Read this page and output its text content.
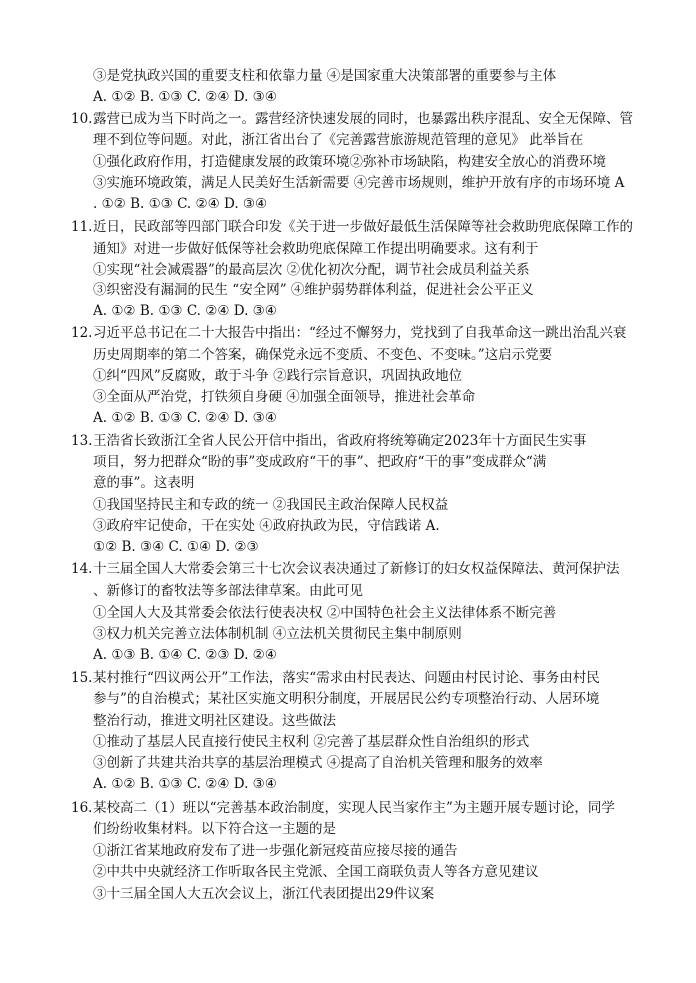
③是党执政兴国的重要支柱和依靠力量 ④是国家重大决策部署的重要参与主体
A. ①② B. ①③ C. ②④ D. ③④
10. 露营已成为当下时尚之一。露营经济快速发展的同时，也暴露出秩序混乱、安全无保障、管
理不到位等问题。对此，浙江省出台了《完善露营旅游规范管理的意见》 此举旨在
①强化政府作用，打造健康发展的政策环境②弥补市场缺陷，构建安全放心的消费环境
③实施环境政策，满足人民美好生活新需要 ④完善市场规则，维护开放有序的市场环境 A
. ①② B. ①③ C. ②④ D. ③④
11. 近日，民政部等四部门联合印发《关于进一步做好最低生活保障等社会救助兜底保障工作的
通知》对进一步做好低保等社会救助兜底保障工作提出明确要求。这有利于
①实现“社会减震器”的最高层次 ②优化初次分配，调节社会成员利益关系
③织密没有漏洞的民生 “安全网” ④维护弱势群体利益，促进社会公平正义
A. ①② B. ①③ C. ②④ D. ③④
12. 习近平总书记在二十大报告中指出：“经过不懈努力，党找到了自我革命这一跳出治乱兴衰
历史周期率的第二个答案，确保党永远不变质、不变色、不变味。”这启示党要
①纠“四风”反腐败，敢于斗争 ②践行宗旨意识，巩固执政地位
③全面从严治党，打铁须自身硬 ④加强全面领导，推进社会革命
A. ①② B. ①③ C. ②④ D. ③④
13. 王浩省长致浙江全省人民公开信中指出，省政府将统筹确定2023年十方面民生实事
项目，努力把群众“盼的事”变成政府“干的事”、把政府“干的事”变成群众“满
意的事”。这表明
①我国坚持民主和专政的统一 ②我国民主政治保障人民权益
③政府牢记使命，干在实处 ④政府执政为民，守信践诺 A.
①② B. ③④ C. ①④ D. ②③
14. 十三届全国人大常委会第三十七次会议表决通过了新修订的妇女权益保障法、黄河保护法
、新修订的畜牧法等多部法律草案。由此可见
①全国人大及其常委会依法行使表决权 ②中国特色社会主义法律体系不断完善
③权力机关完善立法体制机制 ④立法机关贯彻民主集中制原则
A. ①③ B. ①④ C. ②③ D. ②④
15. 某村推行“四议两公开”工作法，落实“需求由村民表达、问题由村民讨论、事务由村民
参与”的自治模式；某社区实施文明积分制度，开展居民公约专项整治行动、人居环境
整治行动，推进文明社区建设。这些做法
①推动了基层人民直接行使民主权利 ②完善了基层群众性自治组织的形式
③创新了共建共治共享的基层治理模式 ④提高了自治机关管理和服务的效率
A. ①② B. ①③ C. ②④ D. ③④
16. 某校高二（1）班以“完善基本政治制度，实现人民当家作主”为主题开展专题讨论，同学
们纷纷收集材料。以下符合这一主题的是
①浙江省某地政府发布了进一步强化新冠疫苗应接尽接的通告
②中共中央就经济工作听取各民主党派、全国工商联负责人等各方意见建议
③十三届全国人大五次会议上，浙江代表团提出29件议案
